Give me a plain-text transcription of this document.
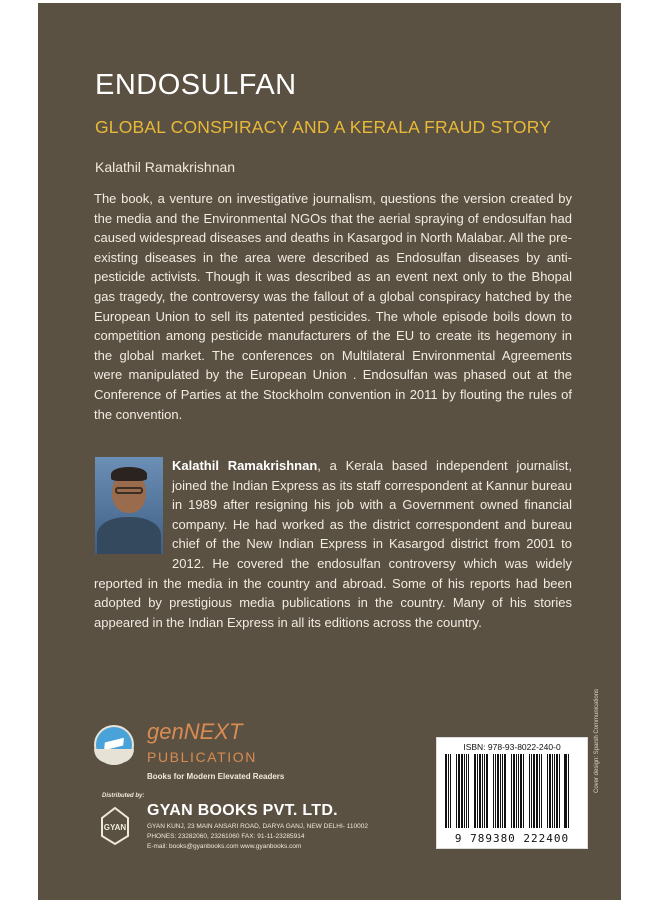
ENDOSULFAN
GLOBAL CONSPIRACY AND A KERALA FRAUD STORY
Kalathil Ramakrishnan
The book, a venture on investigative journalism, questions the version created by the media and the Environmental NGOs that the aerial spraying of endosulfan had caused widespread diseases and deaths in Kasargod in North Malabar. All the pre- existing diseases in the area were described as Endosulfan diseases by anti-pesticide activists. Though it was described as an event next only to the Bhopal gas tragedy, the controversy was the fallout of a global conspiracy hatched by the European Union to sell its patented pesticides. The whole episode boils down to competition among pesticide manufacturers of the EU to create its hegemony in the global market. The conferences on Multilateral Environmental Agreements were manipulated by the European Union . Endosulfan was phased out at the Conference of Parties at the Stockholm convention in 2011 by flouting the rules of the convention.
Kalathil Ramakrishnan, a Kerala based independent journalist, joined the Indian Express as its staff correspondent at Kannur bureau in 1989 after resigning his job with a Government owned financial company. He had worked as the district correspondent and bureau chief of the New Indian Express in Kasargod district from 2001 to 2012. He covered the endosulfan controversy which was widely reported in the media in the country and abroad. Some of his reports had been adopted by prestigious media publications in the country. Many of his stories appeared in the Indian Express in all its editions across the country.
genNEXT
PUBLICATION
Books for Modern Elevated Readers
Distributed by:
GYAN
GYAN BOOKS PVT. LTD.
GYAN KUNJ, 23 MAIN ANSARI ROAD, DARYA GANJ, NEW DELHI- 110002
PHONES: 23282060, 23261060 FAX: 91-11-23285914
E-mail: books@gyanbooks.com www.gyanbooks.com
ISBN: 978-93-8022-240-0
9 789380 222400
Cover design: Sparsh Communications
